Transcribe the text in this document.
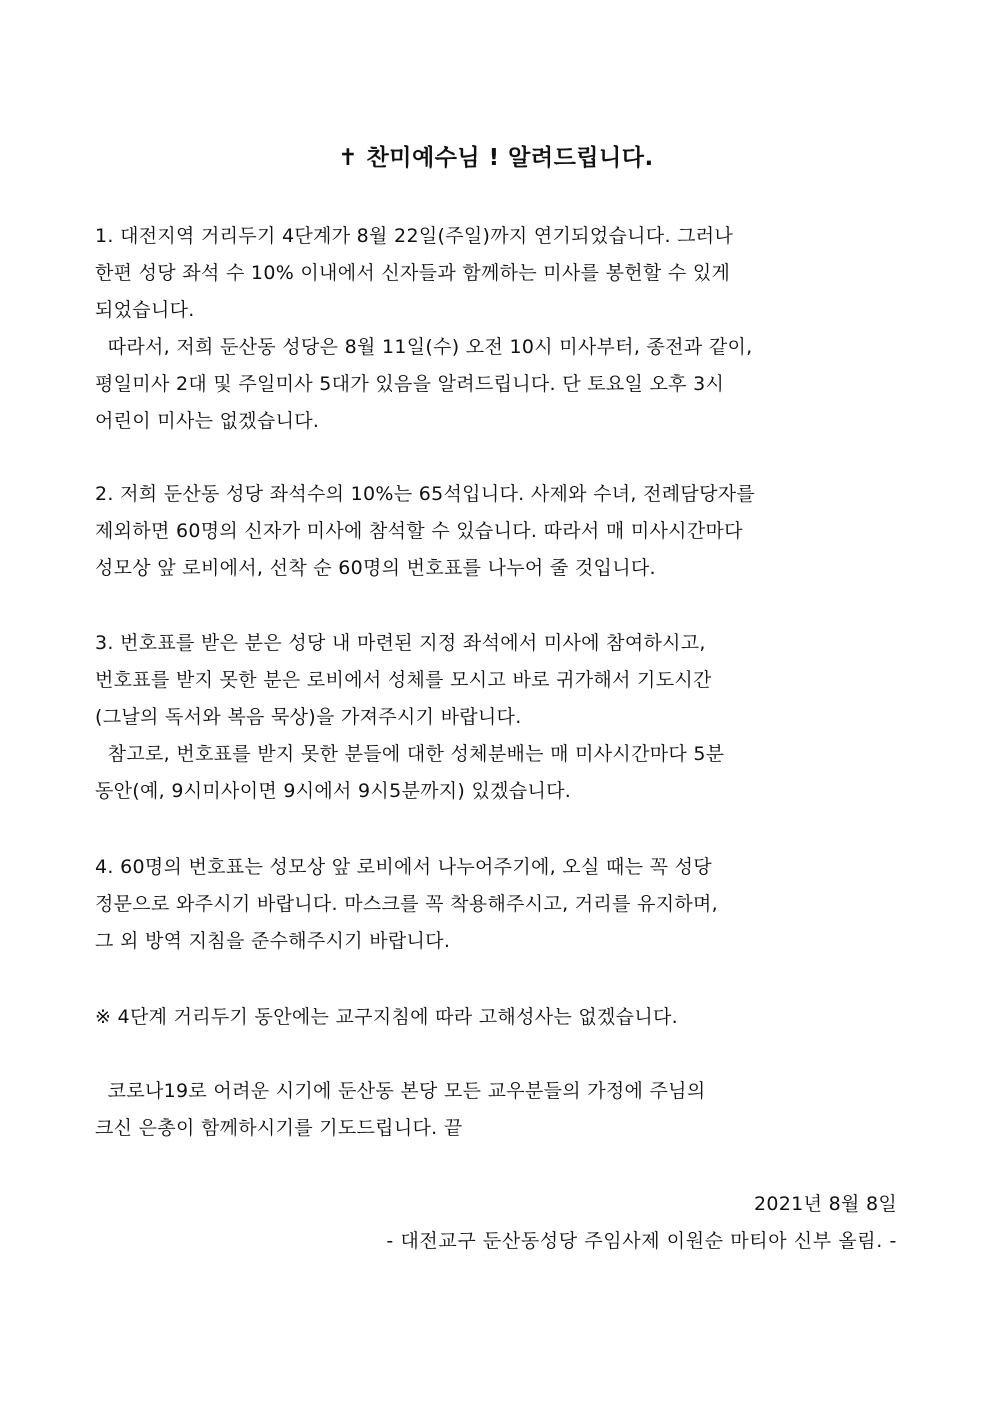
✝ 찬미예수님 ! 알려드립니다.
1. 대전지역 거리두기 4단계가 8월 22일(주일)까지 연기되었습니다. 그러나
한편 성당 좌석 수 10% 이내에서 신자들과 함께하는 미사를 봉헌할 수 있게
되었습니다.
따라서, 저희 둔산동 성당은 8월 11일(수) 오전 10시 미사부터, 종전과 같이,
평일미사 2대 및 주일미사 5대가 있음을 알려드립니다. 단 토요일 오후 3시
어린이 미사는 없겠습니다.
2. 저희 둔산동 성당 좌석수의 10%는 65석입니다. 사제와 수녀, 전례담당자를
제외하면 60명의 신자가 미사에 참석할 수 있습니다. 따라서 매 미사시간마다
성모상 앞 로비에서, 선착 순 60명의 번호표를 나누어 줄 것입니다.
3. 번호표를 받은 분은 성당 내 마련된 지정 좌석에서 미사에 참여하시고,
번호표를 받지 못한 분은 로비에서 성체를 모시고 바로 귀가해서 기도시간
(그날의 독서와 복음 묵상)을 가져주시기 바랍니다.
참고로, 번호표를 받지 못한 분들에 대한 성체분배는 매 미사시간마다 5분
동안(예, 9시미사이면 9시에서 9시5분까지) 있겠습니다.
4. 60명의 번호표는 성모상 앞 로비에서 나누어주기에, 오실 때는 꼭 성당
정문으로 와주시기 바랍니다. 마스크를 꼭 착용해주시고, 거리를 유지하며,
그 외 방역 지침을 준수해주시기 바랍니다.
※ 4단계 거리두기 동안에는 교구지침에 따라 고해성사는 없겠습니다.
코로나19로 어려운 시기에 둔산동 본당 모든 교우분들의 가정에 주님의
크신 은총이 함께하시기를 기도드립니다. 끝
2021년 8월 8일
- 대전교구 둔산동성당 주임사제 이원순 마티아 신부 올림. -
